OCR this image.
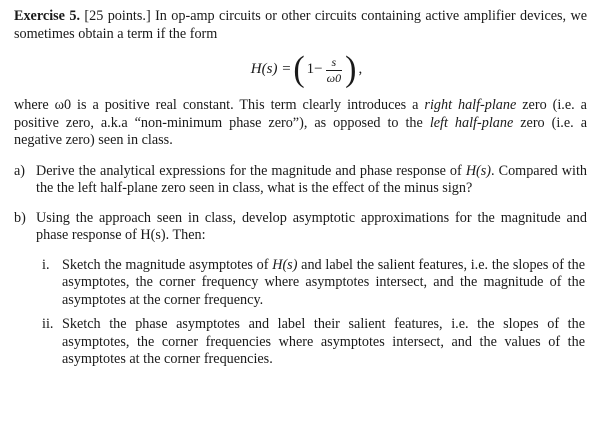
Exercise 5. [25 points.] In op-amp circuits or other circuits containing active amplifier devices, we sometimes obtain a term if the form

H(s) = ( $1- \frac{s}{\omega 0}$ ) ,

where ω0 is a positive real constant. This term clearly introduces a right half-plane zero (i.e. a positive zero, a.k.a “non-minimum phase zero”), as opposed to the left half-plane zero (i.e. a negative zero) seen in class.

a) Derive the analytical expressions for the magnitude and phase response of H(s). Compared with the the left half-plane zero seen in class, what is the effect of the minus sign?

b) Using the approach seen in class, develop asymptotic approximations for the magnitude and phase response of H(s). Then:

i. Sketch the magnitude asymptotes of H(s) and label the salient features, i.e. the slopes of the asymptotes, the corner frequency where asymptotes intersect, and the magnitude of the asymptotes at the corner frequency.

ii. Sketch the phase asymptotes and label their salient features, i.e. the slopes of the asymptotes, the corner frequencies where asymptotes intersect, and the values of the asymptotes at the corner frequencies.
